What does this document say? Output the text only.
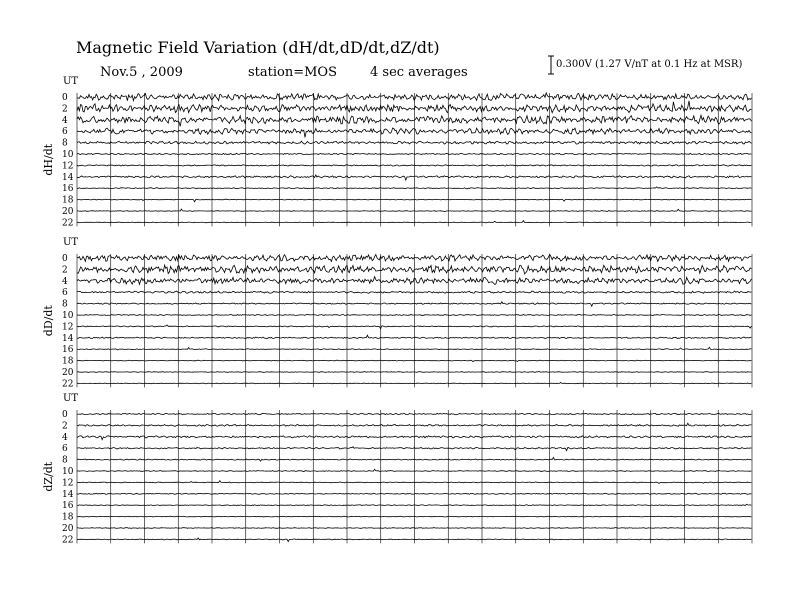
Magnetic Field Variation (dH/dt,dD/dt,dZ/dt)
Nov.5 , 2009	station=MOS	4 sec averages
0.300V (1.27 V/nT at 0.1 Hz at MSR)
UT
dH/dt
0
2
4
6
8
10
12
14
16
18
20
22
UT
dD/dt
0
2
4
6
8
10
12
14
16
18
20
22
UT
dZ/dt
0
2
4
6
8
10
12
14
16
18
20
22
